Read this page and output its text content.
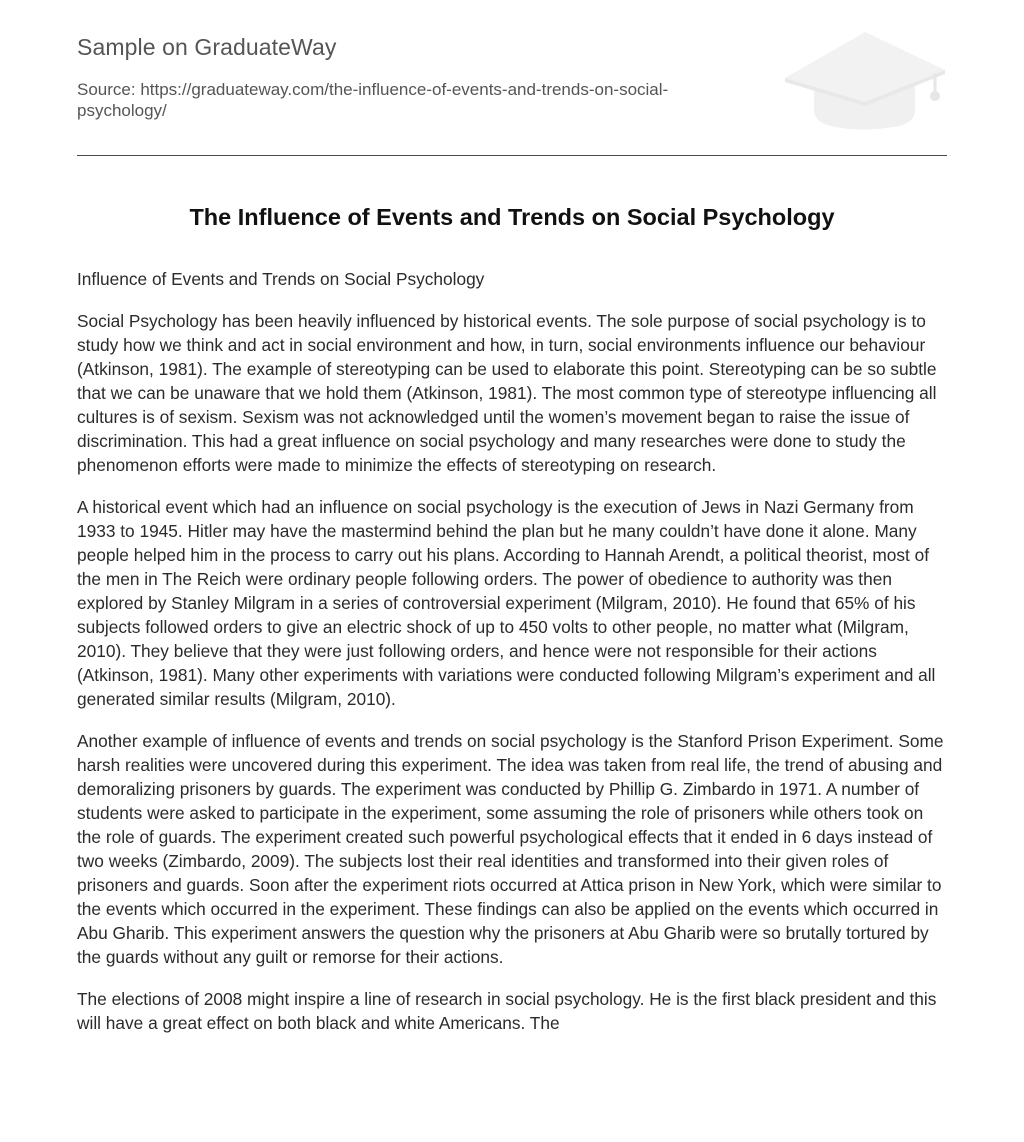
Sample on GraduateWay

Source: https://graduateway.com/the-influence-of-events-and-trends-on-social-psychology/

The Influence of Events and Trends on Social Psychology

Influence of Events and Trends on Social Psychology

Social Psychology has been heavily influenced by historical events. The sole purpose of social psychology is to study how we think and act in social environment and how, in turn, social environments influence our behaviour (Atkinson, 1981). The example of stereotyping can be used to elaborate this point. Stereotyping can be so subtle that we can be unaware that we hold them (Atkinson, 1981). The most common type of stereotype influencing all cultures is of sexism. Sexism was not acknowledged until the women’s movement began to raise the issue of discrimination. This had a great influence on social psychology and many researches were done to study the phenomenon efforts were made to minimize the effects of stereotyping on research.

A historical event which had an influence on social psychology is the execution of Jews in Nazi Germany from 1933 to 1945. Hitler may have the mastermind behind the plan but he many couldn’t have done it alone. Many people helped him in the process to carry out his plans. According to Hannah Arendt, a political theorist, most of the men in The Reich were ordinary people following orders. The power of obedience to authority was then explored by Stanley Milgram in a series of controversial experiment (Milgram, 2010). He found that 65% of his subjects followed orders to give an electric shock of up to 450 volts to other people, no matter what (Milgram, 2010). They believe that they were just following orders, and hence were not responsible for their actions (Atkinson, 1981). Many other experiments with variations were conducted following Milgram’s experiment and all generated similar results (Milgram, 2010).

Another example of influence of events and trends on social psychology is the Stanford Prison Experiment. Some harsh realities were uncovered during this experiment. The idea was taken from real life, the trend of abusing and demoralizing prisoners by guards. The experiment was conducted by Phillip G. Zimbardo in 1971. A number of students were asked to participate in the experiment, some assuming the role of prisoners while others took on the role of guards. The experiment created such powerful psychological effects that it ended in 6 days instead of two weeks (Zimbardo, 2009). The subjects lost their real identities and transformed into their given roles of prisoners and guards. Soon after the experiment riots occurred at Attica prison in New York, which were similar to the events which occurred in the experiment. These findings can also be applied on the events which occurred in Abu Gharib. This experiment answers the question why the prisoners at Abu Gharib were so brutally tortured by the guards without any guilt or remorse for their actions.

The elections of 2008 might inspire a line of research in social psychology. He is the first black president and this will have a great effect on both black and white Americans. The
